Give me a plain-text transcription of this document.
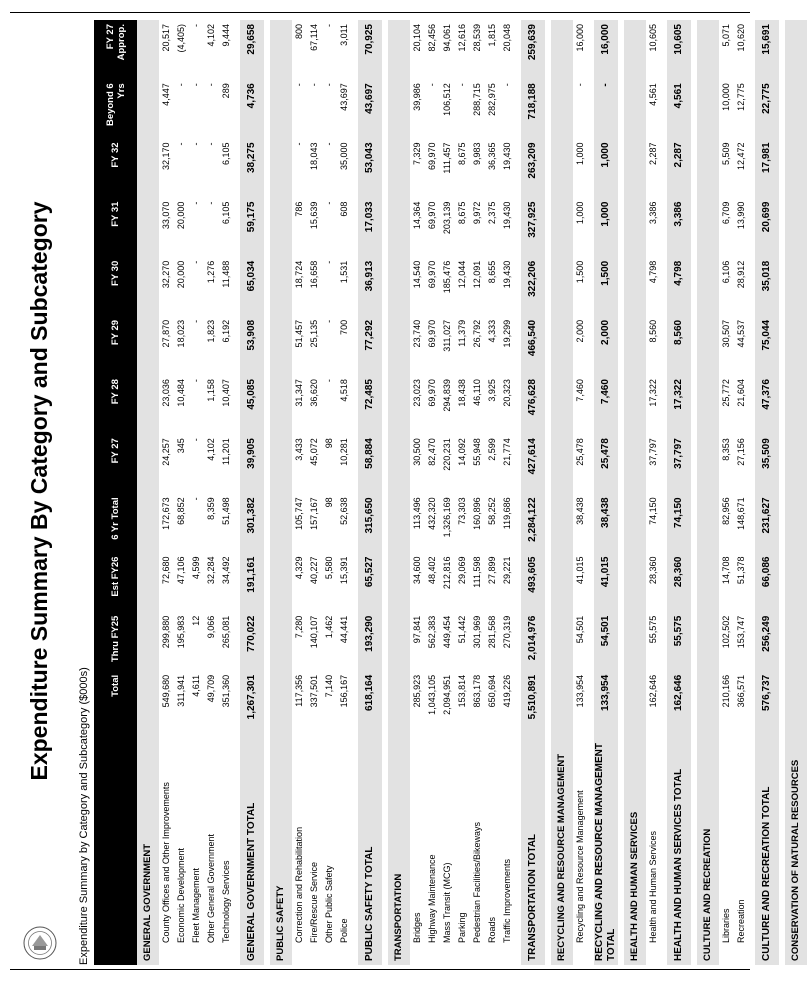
Expenditure Summary By Category and Subcategory
Expenditure Summary by Category and Subcategory ($000s)
		Total	Thru FY25	Est FY26	6 Yr Total	FY 27	FY 28	FY 29	FY 30	FY 31	FY 32	Beyond 6 Yrs	FY 27 Approp.
GENERAL GOVERNMENT												
County Offices and Other Improvements	549,680	299,880	72,680	172,673	24,257	23,036	27,870	32,270	33,070	32,170	4,447	20,517
Economic Development	311,941	195,983	47,106	68,852	345	10,484	18,023	20,000	20,000	-	-	(4,405)
Fleet Management	4,611	12	4,599	-	-	-	-	-	-	-	-	-
Other General Government	49,709	9,066	32,284	8,359	4,102	1,158	1,823	1,276	-	-	-	4,102
Technology Services	351,360	265,081	34,492	51,498	11,201	10,407	6,192	11,488	6,105	6,105	289	9,444

GENERAL GOVERNMENT TOTAL	1,267,301	770,022	191,161	301,382	39,905	45,085	53,908	65,034	59,175	38,275	4,736	29,658

PUBLIC SAFETY												
Correction and Rehabilitation	117,356	7,280	4,329	105,747	3,433	31,347	51,457	18,724	786	-	-	800
Fire/Rescue Service	337,501	140,107	40,227	157,167	45,072	36,620	25,135	16,658	15,639	18,043	-	67,114
Other Public Safety	7,140	1,462	5,580	98	98	-	-	-	-	-	-	-
Police	156,167	44,441	15,391	52,638	10,281	4,518	700	1,531	608	35,000	43,697	3,011

PUBLIC SAFETY TOTAL	618,164	193,290	65,527	315,650	58,884	72,485	77,292	36,913	17,033	53,043	43,697	70,925

TRANSPORTATION												
Bridges	285,923	97,841	34,600	113,496	30,500	23,023	23,740	14,540	14,364	7,329	39,986	20,104
Highway Maintenance	1,043,105	562,383	48,402	432,320	82,470	69,970	69,970	69,970	69,970	69,970	-	82,456
Mass Transit (MCG)	2,094,951	449,454	212,816	1,326,169	220,231	294,839	311,027	185,476	203,139	111,457	106,512	94,061
Parking	153,814	51,442	29,069	73,303	14,092	18,438	11,379	12,044	8,675	8,675	-	12,616
Pedestrian Facilities/Bikeways	863,178	301,969	111,598	160,896	55,948	46,110	26,792	12,091	9,972	9,983	288,715	28,539
Roads	650,694	281,568	27,899	58,252	2,599	3,925	4,333	8,655	2,375	36,365	282,975	1,815
Traffic Improvements	419,226	270,319	29,221	119,686	21,774	20,323	19,299	19,430	19,430	19,430	-	20,048

TRANSPORTATION TOTAL	5,510,891	2,014,976	493,605	2,284,122	427,614	476,628	466,540	322,206	327,925	263,209	718,188	259,639

RECYCLING AND RESOURCE MANAGEMENT												
Recycling and Resource Management	133,954	54,501	41,015	38,438	25,478	7,460	2,000	1,500	1,000	1,000	-	16,000

RECYCLING AND RESOURCE MANAGEMENT TOTAL	133,954	54,501	41,015	38,438	25,478	7,460	2,000	1,500	1,000	1,000	-	16,000

HEALTH AND HUMAN SERVICES												
Health and Human Services	162,646	55,575	28,360	74,150	37,797	17,322	8,560	4,798	3,386	2,287	4,561	10,605

HEALTH AND HUMAN SERVICES TOTAL	162,646	55,575	28,360	74,150	37,797	17,322	8,560	4,798	3,386	2,287	4,561	10,605

CULTURE AND RECREATION												
Libraries	210,166	102,502	14,708	82,956	8,353	25,772	30,507	6,106	6,709	5,509	10,000	5,071
Recreation	366,571	153,747	51,378	148,671	27,156	21,604	44,537	28,912	13,990	12,472	12,775	10,620

CULTURE AND RECREATION TOTAL	576,737	256,249	66,086	231,627	35,509	47,376	75,044	35,018	20,699	17,981	22,775	15,691

CONSERVATION OF NATURAL RESOURCES												
